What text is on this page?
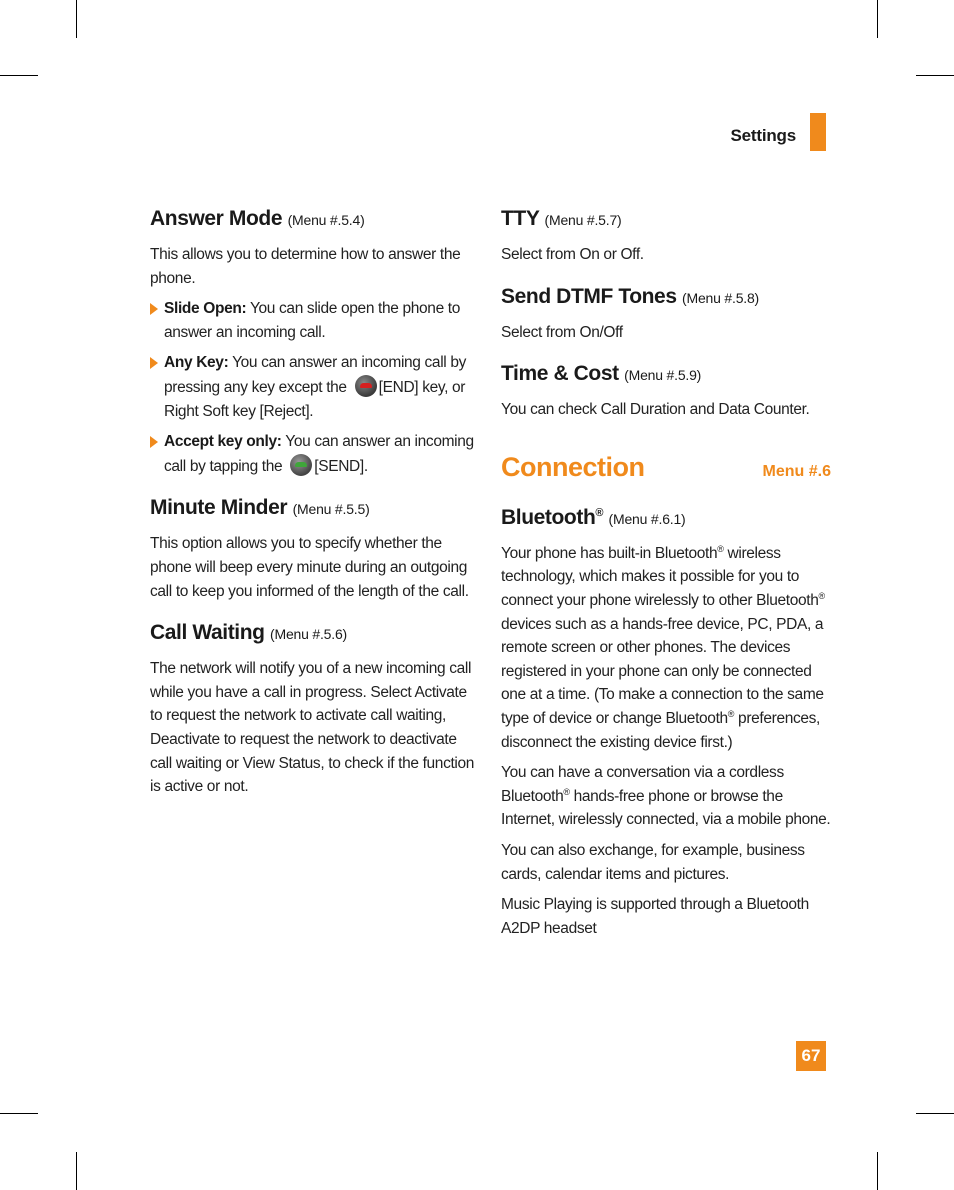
Settings
Answer Mode (Menu #.5.4)

This allows you to determine how to answer the phone.

Slide Open: You can slide open the phone to answer an incoming call.
Any Key: You can answer an incoming call by pressing any key except the
[END] key, or Right Soft key [Reject].
Accept key only: You can answer an incoming call by tapping the
[SEND].
Minute Minder (Menu #.5.5)

This option allows you to specify whether the phone will beep every minute during an outgoing call to keep you informed of the length of the call.

Call Waiting (Menu #.5.6)

The network will notify you of a new incoming call while you have a call in progress. Select Activate to request the network to activate call waiting, Deactivate to request the network to deactivate call waiting or View Status, to check if the function is active or not.

TTY (Menu #.5.7)

Select from On or Off.

Send DTMF Tones (Menu #.5.8)

Select from On/Off

Time & Cost (Menu #.5.9)

You can check Call Duration and Data Counter.

Connection	Menu #.6
Bluetooth® (Menu #.6.1)

Your phone has built-in Bluetooth® wireless technology, which makes it possible for you to connect your phone wirelessly to other Bluetooth® devices such as a hands-free device, PC, PDA, a remote screen or other phones. The devices registered in your phone can only be connected one at a time. (To make a connection to the same type of device or change Bluetooth® preferences, disconnect the existing device first.)

You can have a conversation via a cordless Bluetooth® hands-free phone or browse the Internet, wirelessly connected, via a mobile phone.

You can also exchange, for example, business cards, calendar items and pictures.

Music Playing is supported through a Bluetooth A2DP headset

67
